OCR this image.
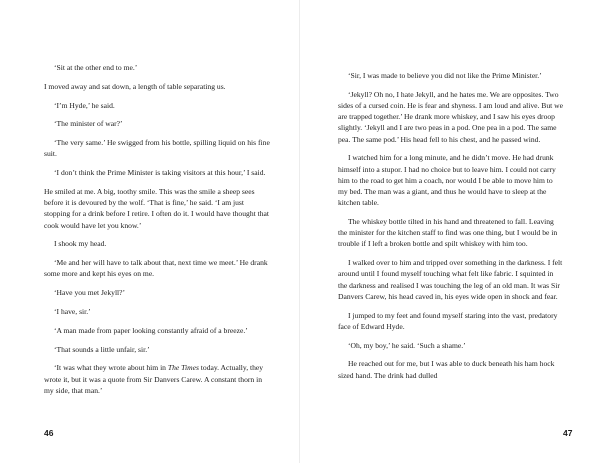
‘Sit at the other end to me.’

I moved away and sat down, a length of table separating us.

‘I’m Hyde,’ he said.

‘The minister of war?’

‘The very same.’ He swigged from his bottle, spilling liquid on his fine suit.

‘I don’t think the Prime Minister is taking visitors at this hour,’ I said.

He smiled at me. A big, toothy smile. This was the smile a sheep sees before it is devoured by the wolf. ‘That is fine,’ he said. ‘I am just stopping for a drink before I retire. I often do it. I would have thought that cook would have let you know.’

I shook my head.

‘Me and her will have to talk about that, next time we meet.’ He drank some more and kept his eyes on me.

‘Have you met Jekyll?’

‘I have, sir.’

‘A man made from paper looking constantly afraid of a breeze.’

‘That sounds a little unfair, sir.’

‘It was what they wrote about him in The Times today. Actually, they wrote it, but it was a quote from Sir Danvers Carew. A constant thorn in my side, that man.’

46

‘Sir, I was made to believe you did not like the Prime Minister.’

‘Jekyll? Oh no, I hate Jekyll, and he hates me. We are opposites. Two sides of a cursed coin. He is fear and shyness. I am loud and alive. But we are trapped together.’ He drank more whiskey, and I saw his eyes droop slightly. ‘Jekyll and I are two peas in a pod. One pea in a pod. The same pea. The same pod.’ His head fell to his chest, and he passed wind.

I watched him for a long minute, and he didn’t move. He had drunk himself into a stupor. I had no choice but to leave him. I could not carry him to the road to get him a coach, nor would I be able to move him to my bed. The man was a giant, and thus he would have to sleep at the kitchen table.

The whiskey bottle tilted in his hand and threatened to fall. Leaving the minister for the kitchen staff to find was one thing, but I would be in trouble if I left a broken bottle and spilt whiskey with him too.

I walked over to him and tripped over something in the darkness. I felt around until I found myself touching what felt like fabric. I squinted in the darkness and realised I was touching the leg of an old man. It was Sir Danvers Carew, his head caved in, his eyes wide open in shock and fear.

I jumped to my feet and found myself staring into the vast, predatory face of Edward Hyde.

‘Oh, my boy,’ he said. ‘Such a shame.’

He reached out for me, but I was able to duck beneath his ham hock sized hand. The drink had dulled

47
